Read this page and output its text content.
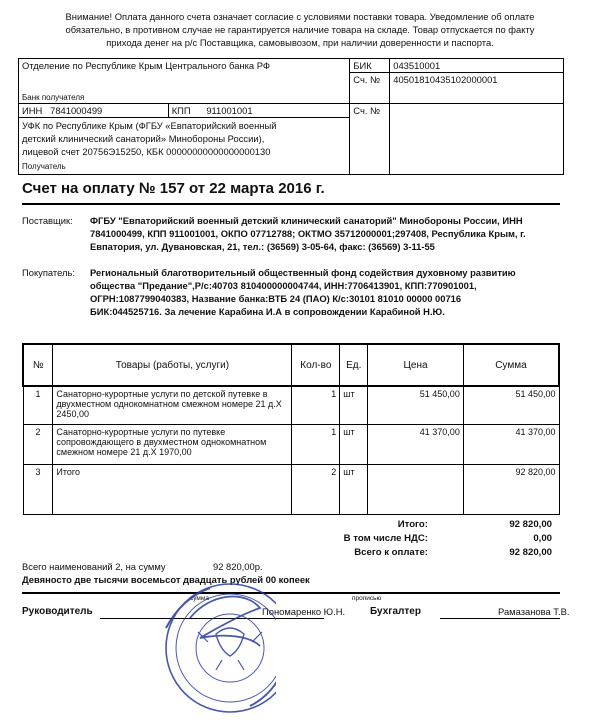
Внимание! Оплата данного счета означает согласие с условиями поставки товара. Уведомление об оплате
обязательно, в противном случае не гарантируется наличие товара на складе. Товар отпускается по факту
прихода денег на р/с Поставщика, самовывозом, при наличии доверенности и паспорта.
Отделение по Республике Крым Центрального банка РФ		БИК	043510001
		Сч. №	40501810435102000001
Банк получателя			
ИНН 7841000499	КПП 911001001	Сч. №	

УФК по Республике Крым (ФГБУ «Евпаторийский военный
детский клинический санаторий» Минобороны России),
лицевой счет 20756Э15250, КБК 00000000000000000130
Получатель			
Счет на оплату № 157 от 22 марта 2016 г.
Поставщик: ФГБУ "Евпаторийский военный детский клинический санаторий" Минобороны России, ИНН
7841000499, КПП 911001001, ОКПО 07712788; ОКТМО 35712000001;297408, Республика Крым, г.
Евпатория, ул. Дувановская, 21, тел.: (36569) 3-05-64, факс: (36569) 3-11-55
Покупатель: Региональный благотворительный общественный фонд содействия духовному развитию
общества "Предание",Р/с:40703 810400000004744, ИНН:7706413901, КПП:770901001,
ОГРН:1087799040383, Название банка:ВТБ 24 (ПАО) К/с:30101 81010 00000 00716
БИК:044525716. За лечение Карабина И.А в сопровождении Карабиной Н.Ю.
№	Товары (работы, услуги)	Кол-во	Ед.	Цена	Сумма
1	Санаторно-курортные услуги по детской путевке в двухместном однокомнатном смежном номере 21 д.Х 2450,00	1	шт	51 450,00	51 450,00
2	Санаторно-курортные услуги по путевке сопровождающего в двухместном однокомнатном смежном номере 21 д.Х 1970,00	1	шт	41 370,00	41 370,00
3	Итого	2	шт		92 820,00
Итого:	92 820,00
В том числе НДС:	0,00
Всего к оплате:	92 820,00
Всего наименований 2, на сумму	92 820,00р.
Девяносто две тысячи восемьсот двадцать рублей 00 копеек
сумма	прописью
Руководитель	Пономаренко Ю.Н. Бухгалтер	Рамазанова Т.В.
